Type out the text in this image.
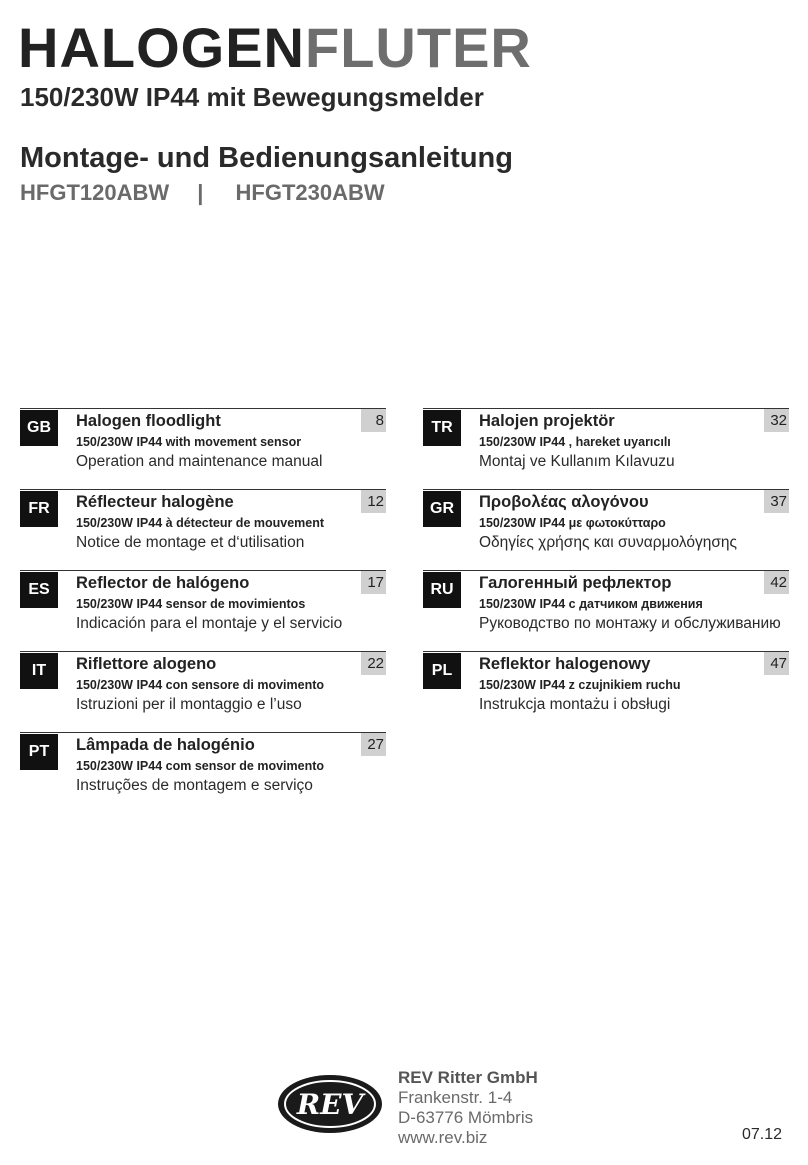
HALOGENFLUTER
150/230W IP44 mit Bewegungsmelder
Montage- und Bedienungsanleitung
HFGT120ABW | HFGT230ABW
GB	Halogen floodlight	8
150/230W IP44 with movement sensor
Operation and maintenance manual
FR	Réflecteur halogène	12
150/230W IP44 à détecteur de mouvement
Notice de montage et d‘utilisation
ES	Reflector de halógeno	17
150/230W IP44 sensor de movimientos
Indicación para el montaje y el servicio
IT	Riflettore alogeno	22
150/230W IP44 con sensore di movimento
Istruzioni per il montaggio e l’uso
PT	Lâmpada de halogénio	27
150/230W IP44 com sensor de movimento
Instruções de montagem e serviço
TR	Halojen projektör	32
150/230W IP44 , hareket uyarıcılı
Montaj ve Kullanım Kılavuzu
GR	Προβολέας αλογόνου	37
150/230W IP44 με φωτοκύτταρο
Οδηγίες χρήσης και συναρμολόγησης
RU	Галогенный рефлектор	42
150/230W IP44 с датчиком движения
Руководство по монтажу и обслуживанию
PL	Reflektor halogenowy	47
150/230W IP44 z czujnikiem ruchu
Instrukcja montażu i obsługi
REV
REV Ritter GmbH
Frankenstr. 1-4
D-63776 Mömbris
www.rev.biz	07.12
